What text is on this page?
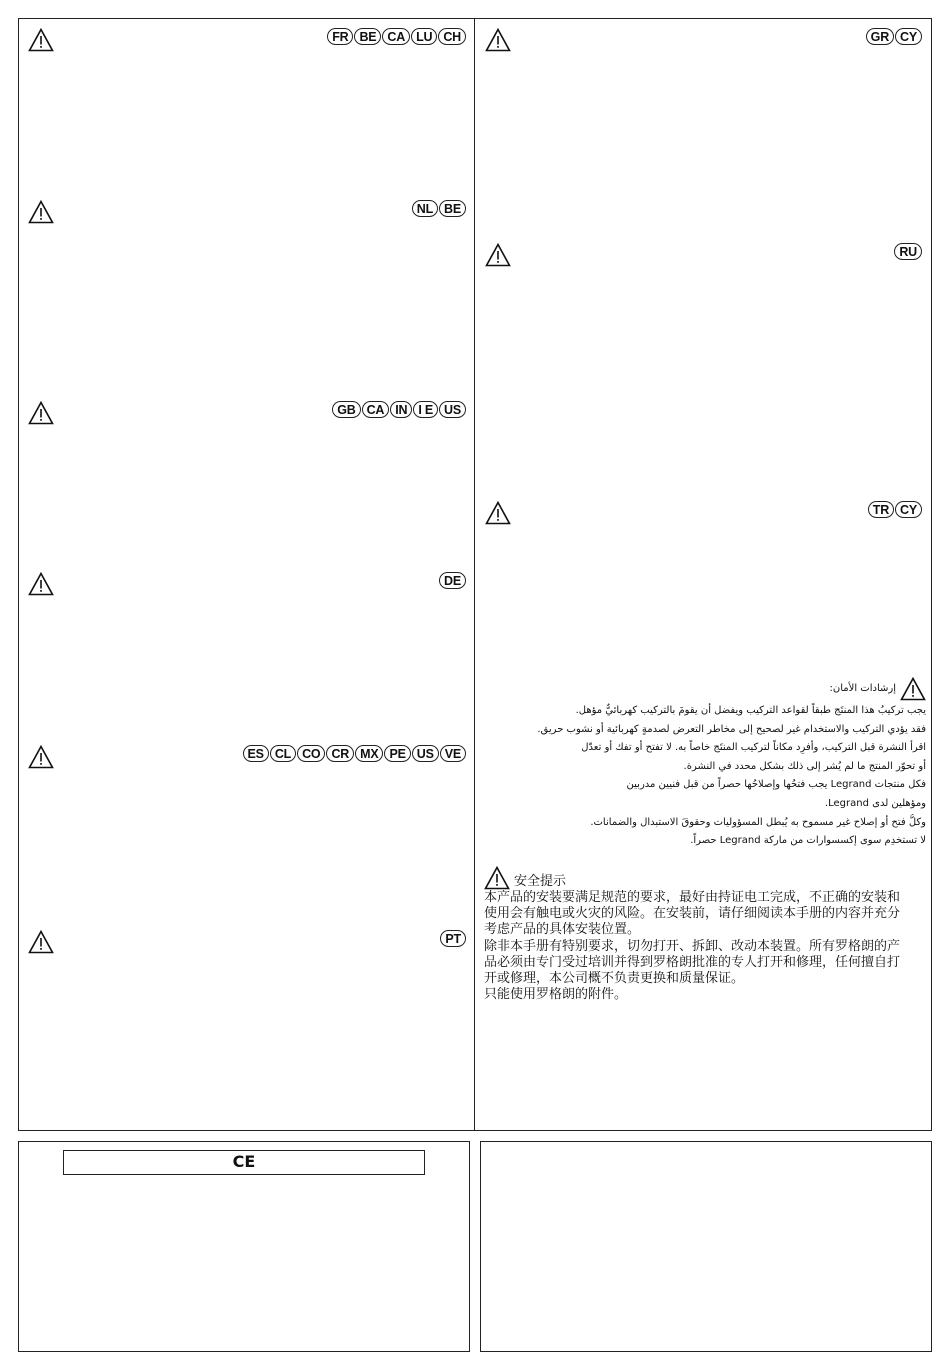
FR BE CA LU CH
NL BE
GB CA IN I E US
DE
ES CL CO CR MX PE US VE
PT
GR CY
RU
TR CY
إرشادات الأمان:
يجب تركيبُ هذا المنتَج طبقاً لقواعد التركيب ويفضل أن يقومَ بالتركيب كهربائيٌّ مؤهل.
فقد يؤدي التركيب والاستخدام غير لصحيح إلى مخاطر التعرض لصدمةٍ كهربائية أو نشوب حريق.
اقرأ النشرة قبل التركيب، وأفرِد مكاناً لتركيب المنتَج خاصاً به. لا تفتح أو تفك أو تعدّل
أو تحوّر المنتج ما لم يُشر إلى ذلك بشكل محدد في النشرة.
فكل منتجات Legrand يجب فتحُها وإصلاحُها حصراً من قبل فنيين مدربين
ومؤهلين لدى Legrand.
وكلُّ فتح أو إصلاح غير مسموح به يُبطل المسؤوليات وحقوقَ الاستبدال والضمانات.
لا تستخدِم سوى إكسسوارات من ماركة Legrand حصراً.
安全提示
本产品的安装要满足规范的要求，最好由持证电工完成，不正确的安装和
使用会有触电或火灾的风险。在安装前，请仔细阅读本手册的内容并充分
考虑产品的具体安装位置。
除非本手册有特别要求，切勿打开、拆卸、改动本装置。所有罗格朗的产
品必须由专门受过培训并得到罗格朗批准的专人打开和修理，任何擅自打
开或修理，本公司概不负责更换和质量保证。
只能使用罗格朗的附件。
CE
